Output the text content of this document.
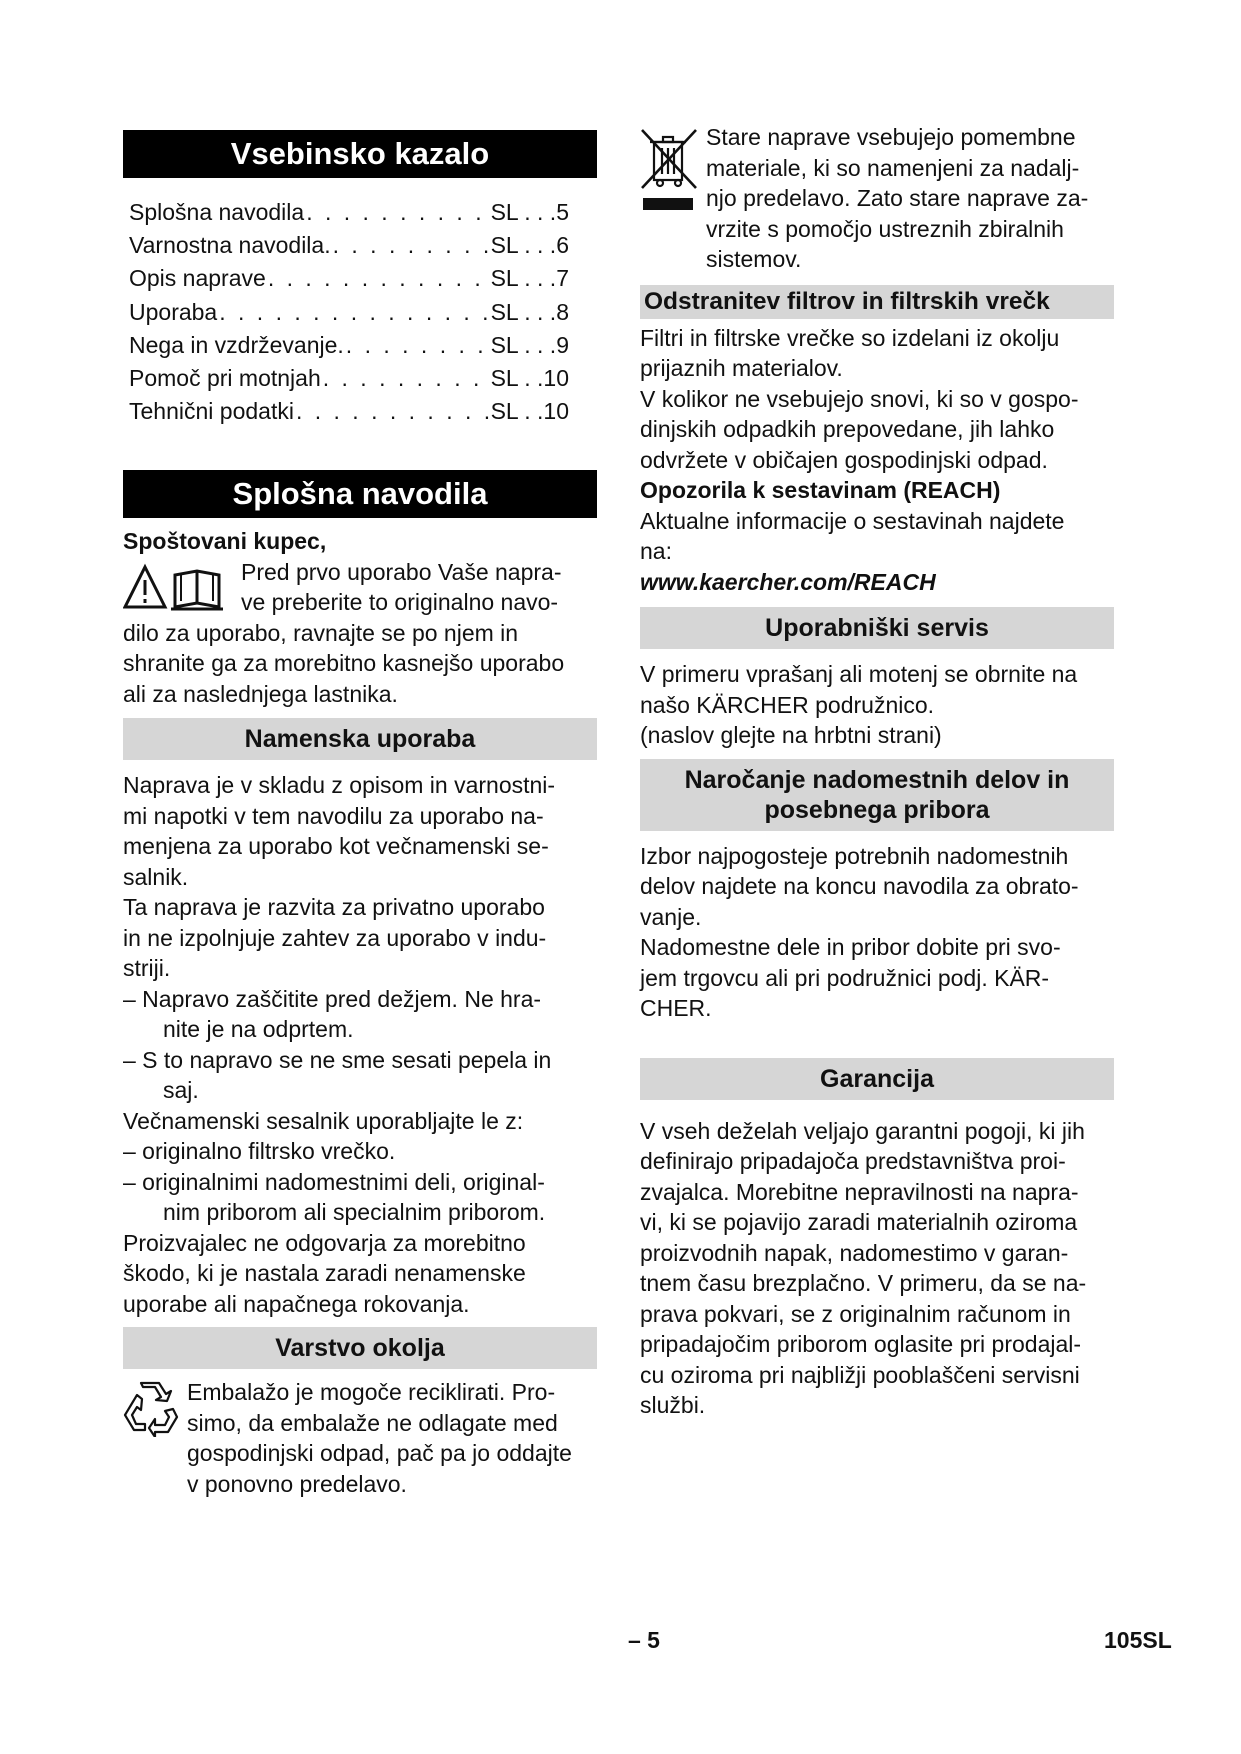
Vsebinsko kazalo
Splošna navodila . . .	SL . . .5
Varnostna navodila. . . .	SL . . .6
Opis naprave . . .	SL . . .7
Uporaba . . .	SL . . .8
Nega in vzdrževanje. . . .	SL . . .9
Pomoč pri motnjah . . .	SL . .10
Tehnični podatki . . .	SL . .10
Splošna navodila

Spoštovani kupec,

Pred prvo uporabo Vaše napra-
ve preberite to originalno navo-
dilo za uporabo, ravnajte se po njem in
shranite ga za morebitno kasnejšo uporabo
ali za naslednjega lastnika.
Namenska uporaba
Naprava je v skladu z opisom in varnostni-
mi napotki v tem navodilu za uporabo na-
menjena za uporabo kot večnamenski se-
salnik.
Ta naprava je razvita za privatno uporabo
in ne izpolnjuje zahtev za uporabo v indu-
striji.
– Napravo zaščitite pred dežjem. Ne hra-
nite je na odprtem.
– S to napravo se ne sme sesati pepela in
saj.

Večnamenski sesalnik uporabljajte le z:

– originalno filtrsko vrečko.
– originalnimi nadomestnimi deli, original-
nim priborom ali specialnim priborom.
Proizvajalec ne odgovarja za morebitno
škodo, ki je nastala zaradi nenamenske
uporabe ali napačnega rokovanja.
Varstvo okolja
Embalažo je mogoče reciklirati. Pro-
simo, da embalaže ne odlagate med
gospodinjski odpad, pač pa jo oddajte
v ponovno predelavo.
Stare naprave vsebujejo pomembne
materiale, ki so namenjeni za nadalj-
njo predelavo. Zato stare naprave za-
vrzite s pomočjo ustreznih zbiralnih
sistemov.
Odstranitev filtrov in filtrskih vrečk
Filtri in filtrske vrečke so izdelani iz okolju
prijaznih materialov.
V kolikor ne vsebujejo snovi, ki so v gospo-
dinjskih odpadkih prepovedane, jih lahko
odvržete v običajen gospodinjski odpad.

Opozorila k sestavinam (REACH)

Aktualne informacije o sestavinah najdete
na:

www.kaercher.com/REACH

Uporabniški servis
V primeru vprašanj ali motenj se obrnite na
našo KÄRCHER podružnico.
(naslov glejte na hrbtni strani)
Naročanje nadomestnih delov in
posebnega pribora
Izbor najpogosteje potrebnih nadomestnih
delov najdete na koncu navodila za obrato-
vanje.
Nadomestne dele in pribor dobite pri svo-
jem trgovcu ali pri podružnici podj. KÄR-
CHER.
Garancija
V vseh deželah veljajo garantni pogoji, ki jih
definirajo pripadajoča predstavništva proi-
zvajalca. Morebitne nepravilnosti na napra-
vi, ki se pojavijo zaradi materialnih oziroma
proizvodnih napak, nadomestimo v garan-
tnem času brezplačno. V primeru, da se na-
prava pokvari, se z originalnim računom in
pripadajočim priborom oglasite pri prodajal-
cu oziroma pri najbližji pooblaščeni servisni
službi.
– 5	105SL
